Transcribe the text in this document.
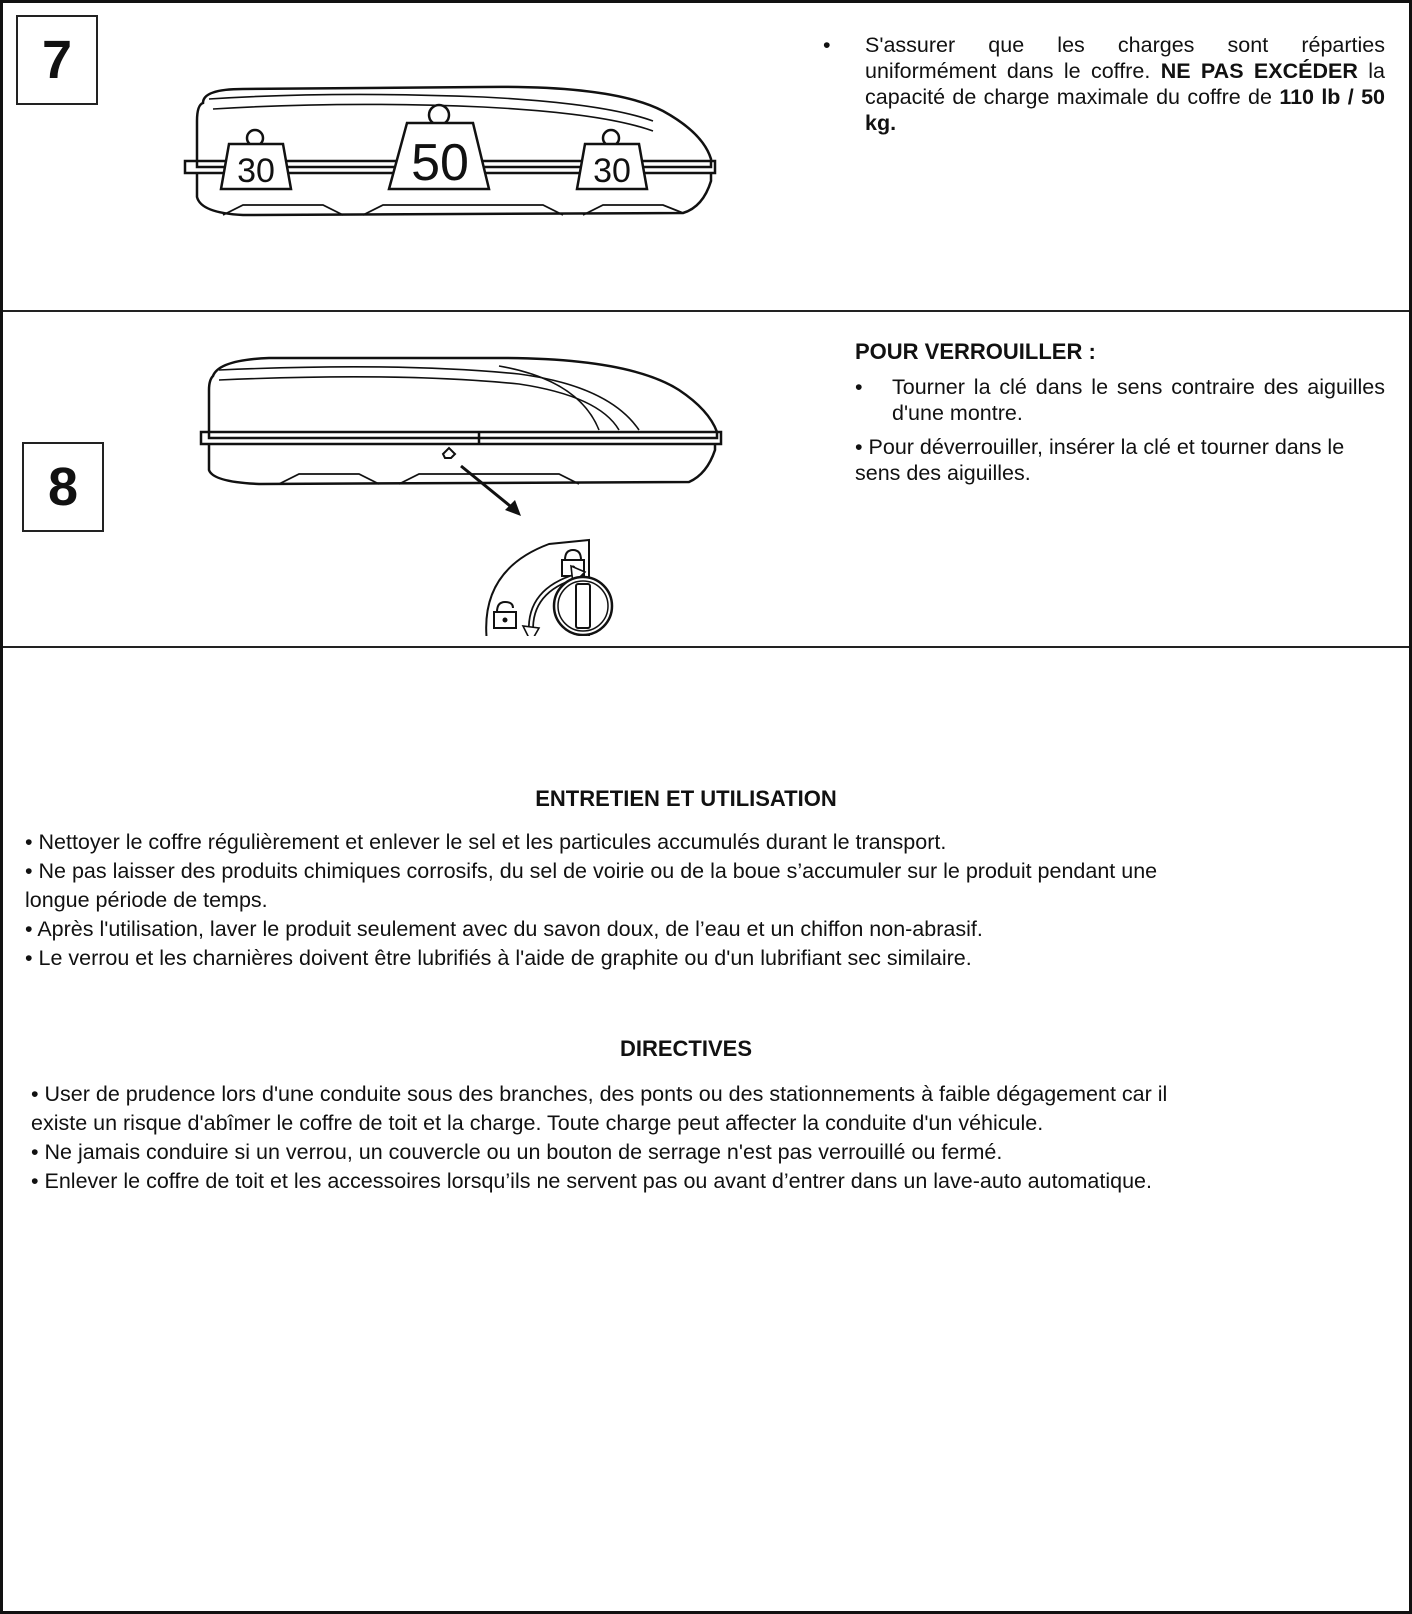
7
30	50	30
• S'assurer que les charges sont réparties uniformément dans le coffre. NE PAS EXCÉDER la capacité de charge maximale du coffre de 110 lb / 50 kg.
8
POUR VERROUILLER :
• Tourner la clé dans le sens contraire des aiguilles d'une montre.
• Pour déverrouiller, insérer la clé et tourner dans le sens des aiguilles.
ENTRETIEN ET UTILISATION
• Nettoyer le coffre régulièrement et enlever le sel et les particules accumulés durant le transport.
• Ne pas laisser des produits chimiques corrosifs, du sel de voirie ou de la boue s’accumuler sur le produit pendant une
longue période de temps.
• Après l'utilisation, laver le produit seulement avec du savon doux, de l’eau et un chiffon non-abrasif.
• Le verrou et les charnières doivent être lubrifiés à l'aide de graphite ou d'un lubrifiant sec similaire.
DIRECTIVES
• User de prudence lors d'une conduite sous des branches, des ponts ou des stationnements à faible dégagement car il
existe un risque d'abîmer le coffre de toit et la charge. Toute charge peut affecter la conduite d'un véhicule.
• Ne jamais conduire si un verrou, un couvercle ou un bouton de serrage n'est pas verrouillé ou fermé.
• Enlever le coffre de toit et les accessoires lorsqu’ils ne servent pas ou avant d’entrer dans un lave-auto automatique.
